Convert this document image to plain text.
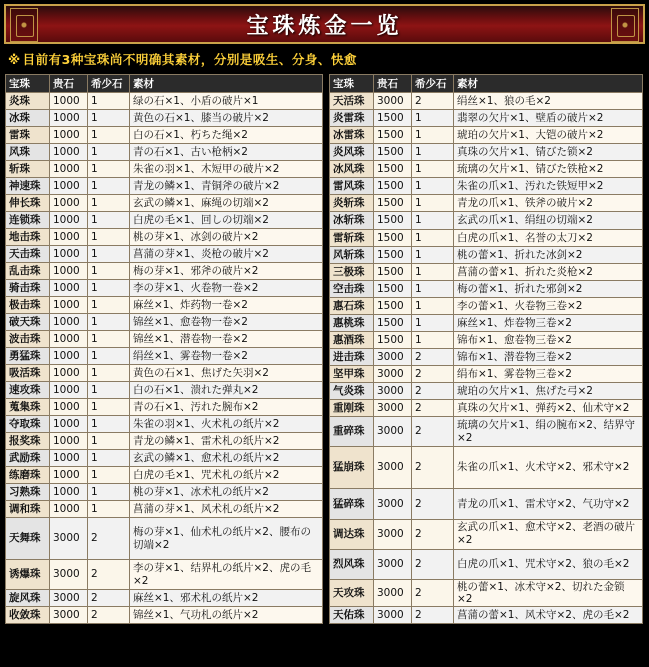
宝珠炼金一览
※ 目前有3种宝珠尚不明确其素材，分别是吸生、分身、快愈
宝珠	贵石	希少石	素材
炎珠	1000	1	绿の石×1、小盾の破片×1
冰珠	1000	1	黄色の石×1、膝当の破片×2
雷珠	1000	1	白の石×1、朽ちた绳×2
风珠	1000	1	青の石×1、古い枪柄×2
斩珠	1000	1	朱雀の羽×1、木短甲の破片×2
神速珠	1000	1	青龙の鳞×1、青铜斧の破片×2
伸长珠	1000	1	玄武の鳞×1、麻绳の切端×2
连锁珠	1000	1	白虎の毛×1、回しの切端×2
地击珠	1000	1	桃の芽×1、冰剑の破片×2
天击珠	1000	1	菖蒲の芽×1、炎枪の破片×2
乱击珠	1000	1	梅の芽×1、邪斧の破片×2
骑击珠	1000	1	李の芽×1、火卷物一卷×2
极击珠	1000	1	麻丝×1、炸药物一卷×2
破天珠	1000	1	锦丝×1、愈卷物一卷×2
波击珠	1000	1	锦丝×1、潜卷物一卷×2
勇猛珠	1000	1	绢丝×1、雾卷物一卷×2
吸活珠	1000	1	黄色の石×1、焦げた矢羽×2
速攻珠	1000	1	白の石×1、溃れた弹丸×2
蒐集珠	1000	1	青の石×1、汚れた腕布×2
夺取珠	1000	1	朱雀の羽×1、火术札の纸片×2
报奖珠	1000	1	青龙の鳞×1、雷术札の纸片×2
武励珠	1000	1	玄武の鳞×1、愈术札の纸片×2
练磨珠	1000	1	白虎の毛×1、咒术札の纸片×2
习熟珠	1000	1	桃の芽×1、冰术札の纸片×2
调和珠	1000	1	菖蒲の芽×1、风术札の纸片×2
天舞珠	3000	2	梅の芽×1、仙术札の纸片×2、腰布の切端×2
诱爆珠	3000	2	李の芽×1、结界札の纸片×2、虎の毛×2
旋风珠	3000	2	麻丝×1、邪术札の纸片×2
收敛珠	3000	2	锦丝×1、气功札の纸片×2
宝珠	贵石	希少石	素材
天活珠	3000	2	绢丝×1、狼の毛×2
炎雷珠	1500	1	翡翠の欠片×1、壁盾の破片×2
冰雷珠	1500	1	琥珀の欠片×1、大铠の破片×2
炎风珠	1500	1	真珠の欠片×1、锖びた锁×2
冰风珠	1500	1	琉璃の欠片×1、锖びた铁枪×2
雷风珠	1500	1	朱雀の爪×1、汚れた铁短甲×2
炎斩珠	1500	1	青龙の爪×1、铁斧の破片×2
冰斩珠	1500	1	玄武の爪×1、绢纽の切端×2
雷斩珠	1500	1	白虎の爪×1、名誉の太刀×2
风斩珠	1500	1	桃の蕾×1、折れた冰剑×2
三极珠	1500	1	菖蒲の蕾×1、折れた炎枪×2
空击珠	1500	1	梅の蕾×1、折れた邪剑×2
惠石珠	1500	1	李の蕾×1、火卷物三卷×2
惠桃珠	1500	1	麻丝×1、炸卷物三卷×2
惠酒珠	1500	1	锦布×1、愈卷物三卷×2
进击珠	3000	2	锦布×1、潜卷物三卷×2
坚甲珠	3000	2	绢布×1、雾卷物三卷×2
气炎珠	3000	2	琥珀の欠片×1、焦げた弓×2
重刚珠	3000	2	真珠の欠片×1、弹药×2、仙术守×2
重碎珠	3000	2	琉璃の欠片×1、绢の腕布×2、结界守×2
猛崩珠	3000	2	朱雀の爪×1、火术守×2、邪术守×2
猛碎珠	3000	2	青龙の爪×1、雷术守×2、气功守×2
调达珠	3000	2	玄武の爪×1、愈术守×2、老酒の破片×2
烈风珠	3000	2	白虎の爪×1、咒术守×2、狼の毛×2
天攻珠	3000	2	桃の蕾×1、冰术守×2、切れた金锁×2
天佑珠	3000	2	菖蒲の蕾×1、风术守×2、虎の毛×2
